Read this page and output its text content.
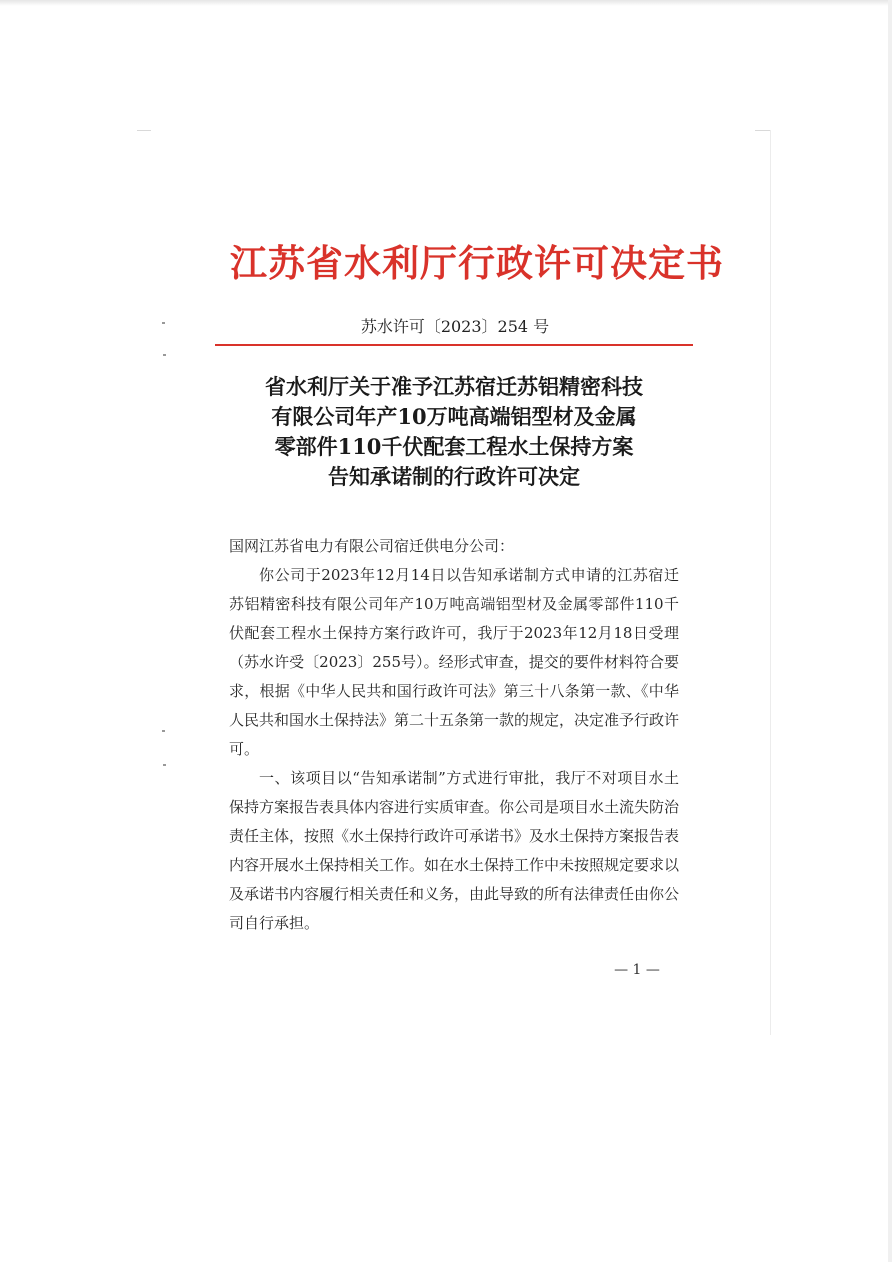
江苏省水利厅行政许可决定书
苏水许可〔2023〕254 号
省水利厅关于准予江苏宿迁苏铝精密科技
有限公司年产10万吨高端铝型材及金属
零部件110千伏配套工程水土保持方案
告知承诺制的行政许可决定

国网江苏省电力有限公司宿迁供电分公司：

你公司于2023年12月14日以告知承诺制方式申请的江苏宿迁苏铝精密科技有限公司年产10万吨高端铝型材及金属零部件110千伏配套工程水土保持方案行政许可，我厅于2023年12月18日受理（苏水许受〔2023〕255号）。经形式审查，提交的要件材料符合要求，根据《中华人民共和国行政许可法》第三十八条第一款、《中华人民共和国水土保持法》第二十五条第一款的规定，决定准予行政许可。

一、该项目以“告知承诺制”方式进行审批，我厅不对项目水土保持方案报告表具体内容进行实质审查。你公司是项目水土流失防治责任主体，按照《水土保持行政许可承诺书》及水土保持方案报告表内容开展水土保持相关工作。如在水土保持工作中未按照规定要求以及承诺书内容履行相关责任和义务，由此导致的所有法律责任由你公司自行承担。

— 1 —
